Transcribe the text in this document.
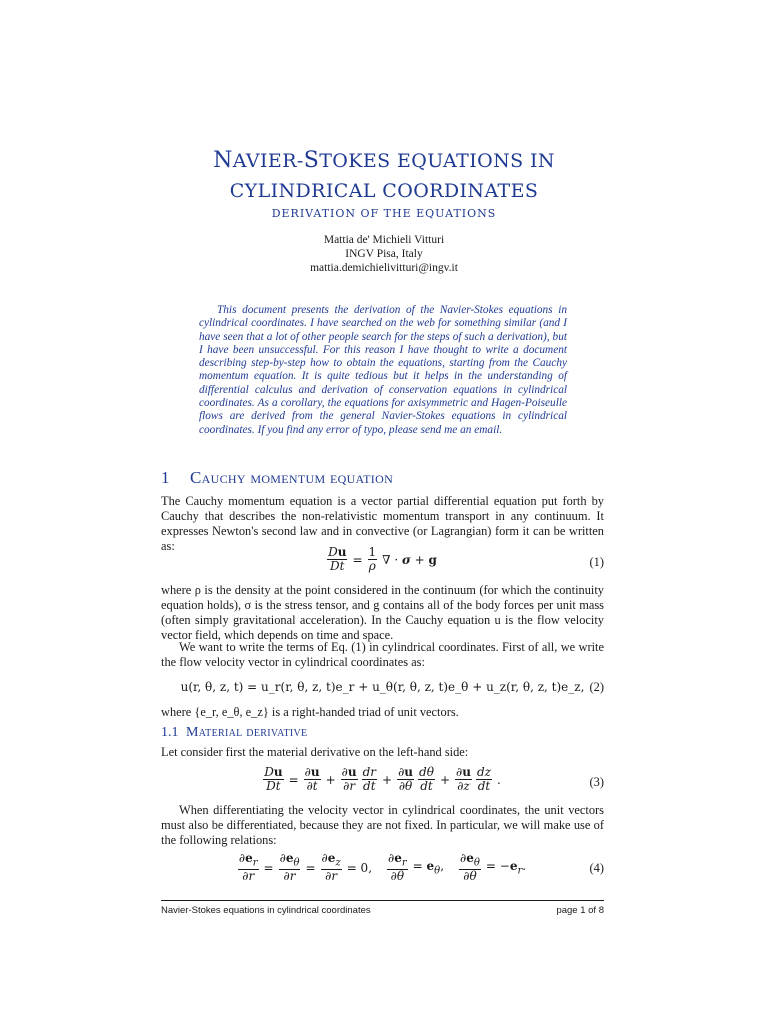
NAVIER-STOKES EQUATIONS IN
CYLINDRICAL COORDINATES
DERIVATION OF THE EQUATIONS
Mattia de' Michieli Vitturi
INGV Pisa, Italy
mattia.demichielivitturi@ingv.it
This document presents the derivation of the Navier-Stokes equations in cylindrical coordinates. I have searched on the web for something similar (and I have seen that a lot of other people search for the steps of such a derivation), but I have been unsuccessful. For this reason I have thought to write a document describing step-by-step how to obtain the equations, starting from the Cauchy momentum equation. It is quite tedious but it helps in the understanding of differential calculus and derivation of conservation equations in cylindrical coordinates. As a corollary, the equations for axisymmetric and Hagen-Poiseulle flows are derived from the general Navier-Stokes equations in cylindrical coordinates. If you find any error of typo, please send me an email.
1 Cauchy momentum equation
The Cauchy momentum equation is a vector partial differential equation put forth by Cauchy that describes the non-relativistic momentum transport in any continuum. It expresses Newton's second law and in convective (or Lagrangian) form it can be written as:	$\frac{Du}{Dt} = \frac{1}{\rho}$ ∇ · σ + g	(1)
where ρ is the density at the point considered in the continuum (for which the continuity equation holds), σ is the stress tensor, and g contains all of the body forces per unit mass (often simply gravitational acceleration). In the Cauchy equation u is the flow velocity vector field, which depends on time and space.
We want to write the terms of Eq. (1) in cylindrical coordinates. First of all, we write the flow velocity vector in cylindrical coordinates as:
u(r, θ, z, t) = u_r(r, θ, z, t)e_r + u_θ(r, θ, z, t)e_θ + u_z(r, θ, z, t)e_z, (2)
where {e_r, e_θ, e_z} is a right-handed triad of unit vectors.
1.1 Material derivative
Let consider first the material derivative on the left-hand side:
$\frac{Du}{Dt} = \frac{\partial u}{\partial t} + \frac{\partial u}{\partial r} \frac{dr}{dt} + \frac{\partial u}{\partial\theta} \frac{d\theta}{dt} + \frac{\partial u}{\partial z} \frac{dz}{dt}$ .	(3)
When differentiating the velocity vector in cylindrical coordinates, the unit vectors must also be differentiated, because they are not fixed. In particular, we will make use of the following relations:
$\frac{\partial e_r}{\partial r} = \frac{\partial e_\theta}{\partial r} = \frac{\partial e_z}{\partial r} = 0$, $\frac{\partial e_r}{\partial\theta} = e_\theta$, $\frac{\partial e_\theta}{\partial\theta} = -e_r$.	(4)
Navier-Stokes equations in cylindrical coordinates	page 1 of 8
